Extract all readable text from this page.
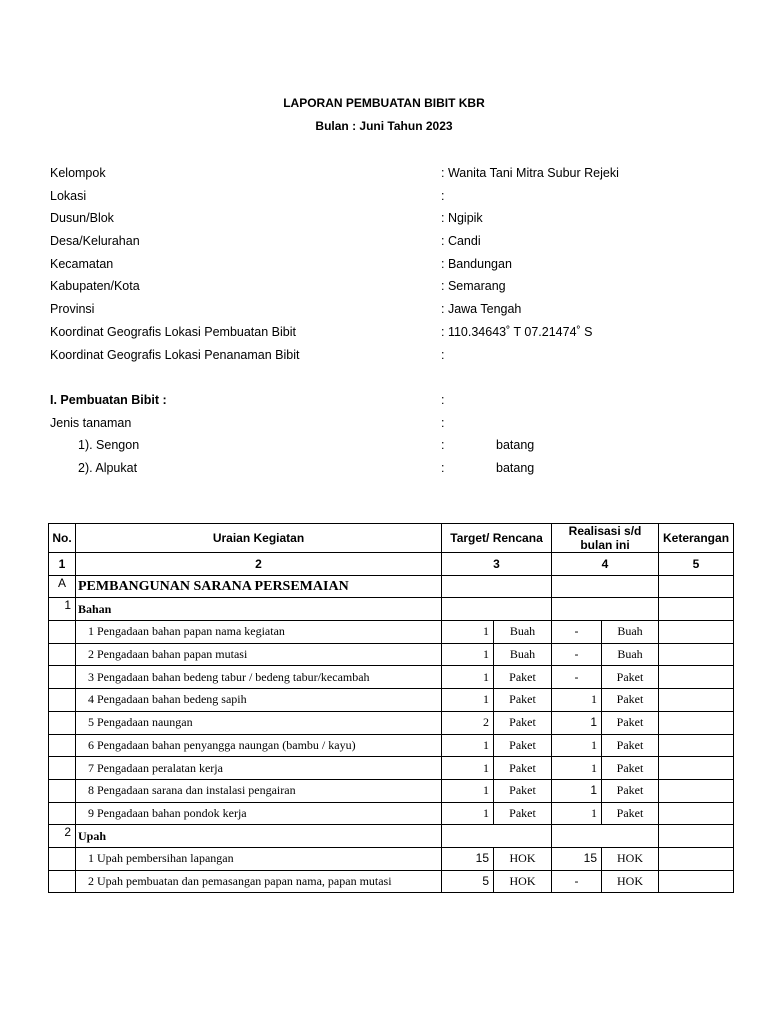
LAPORAN PEMBUATAN BIBIT KBR
Bulan : Juni Tahun 2023
Kelompok	: Wanita Tani Mitra Subur Rejeki
Lokasi	:
Dusun/Blok	: Ngipik
Desa/Kelurahan	: Candi
Kecamatan	: Bandungan
Kabupaten/Kota	: Semarang
Provinsi	: Jawa Tengah
Koordinat Geografis Lokasi Pembuatan Bibit	: 110.34643˚ T 07.21474˚ S
Koordinat Geografis Lokasi Penanaman Bibit	:
I. Pembuatan Bibit :	:
Jenis tanaman	:
1). Sengon	:	batang
2). Alpukat	:	batang
No.	Uraian Kegiatan	Target/ Rencana		Realisasi s/d bulan ini		Keterangan
1	2	3		4		5
A	PEMBANGUNAN SARANA PERSEMAIAN					
1	Bahan					
	1 Pengadaan bahan papan nama kegiatan	1	Buah	-	Buah	
	2 Pengadaan bahan papan mutasi	1	Buah	-	Buah	
	3 Pengadaan bahan bedeng tabur / bedeng tabur/kecambah	1	Paket	-	Paket	
	4 Pengadaan bahan bedeng sapih	1	Paket	1	Paket	
	5 Pengadaan naungan	2	Paket	1	Paket	
	6 Pengadaan bahan penyangga naungan (bambu / kayu)	1	Paket	1	Paket	
	7 Pengadaan peralatan kerja	1	Paket	1	Paket	
	8 Pengadaan sarana dan instalasi pengairan	1	Paket	1	Paket	
	9 Pengadaan bahan pondok kerja	1	Paket	1	Paket	
2	Upah					
	1 Upah pembersihan lapangan	15	HOK	15	HOK	
	2 Upah pembuatan dan pemasangan papan nama, papan mutasi	5	HOK	-	HOK	
